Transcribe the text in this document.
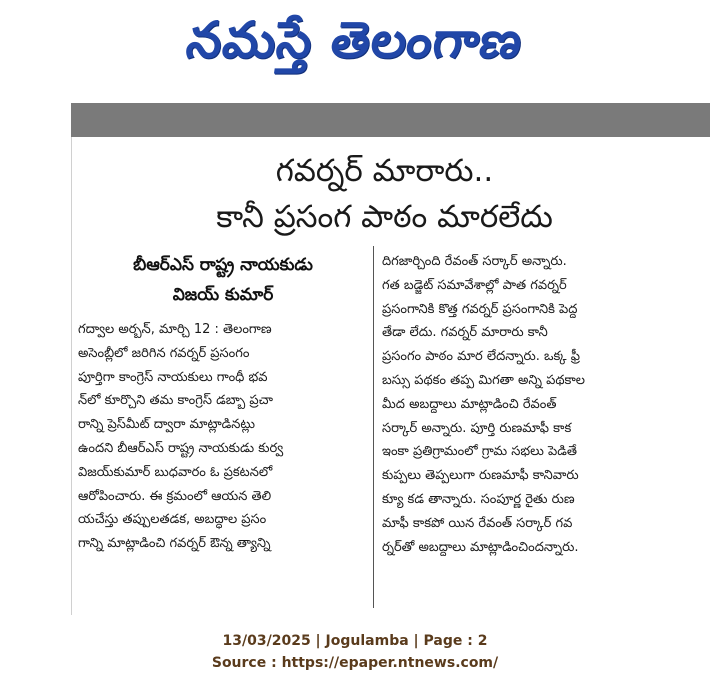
నమస్తే తెలంగాణ
గవర్నర్ మారారు..
కానీ ప్రసంగ పాఠం మారలేదు
బీఆర్ఎస్ రాష్ట్ర నాయకుడు
విజయ్ కుమార్
గద్వాల అర్బన్, మార్చి 12 : తెలంగాణ
అసెంబ్లీలో జరిగిన గవర్నర్ ప్రసంగం
పూర్తిగా కాంగ్రెస్ నాయకులు గాంధీ భవ
న్‌లో కూర్చొని తమ కాంగ్రెస్ డబ్బా ప్రచా
రాన్ని ప్రెస్‌మీట్ ద్వారా మాట్లాడినట్లు
ఉందని బీఆర్ఎస్ రాష్ట్ర నాయకుడు కుర్వ
విజయ్‌కుమార్ బుధవారం ఓ ప్రకటనలో
ఆరోపించారు. ఈ క్రమంలో ఆయన తెలి
యచేస్తు తప్పులతడక, అబద్ధాల ప్రసం
గాన్ని మాట్లాడించి గవర్నర్ ఔన్న త్యాన్ని
దిగజార్చింది రేవంత్ సర్కార్ అన్నారు.
గత బడ్జెట్ సమావేశాల్లో పాత గవర్నర్
ప్రసంగానికి కొత్త గవర్నర్ ప్రసంగానికి పెద్ద
తేడా లేదు. గవర్నర్ మారారు కానీ
ప్రసంగం పాఠం మార లేదన్నారు. ఒక్క ఫ్రీ
బస్సు పథకం తప్ప మిగతా అన్ని పథకాల
మీద అబద్దాలు మాట్లాడించి రేవంత్
సర్కార్ అన్నారు. పూర్తి రుణమాఫీ కాక
ఇంకా ప్రతిగ్రామంలో గ్రామ సభలు పెడితే
కుప్పలు తెప్పలుగా రుణమాఫీ కానివారు
క్యూ కడ తాన్నారు. సంపూర్ణ రైతు రుణ
మాఫీ కాకపో యిన రేవంత్ సర్కార్ గవ
ర్నర్‌తో అబద్దాలు మాట్లాడించిందన్నారు.
13/03/2025 | Jogulamba | Page : 2
Source : https://epaper.ntnews.com/
